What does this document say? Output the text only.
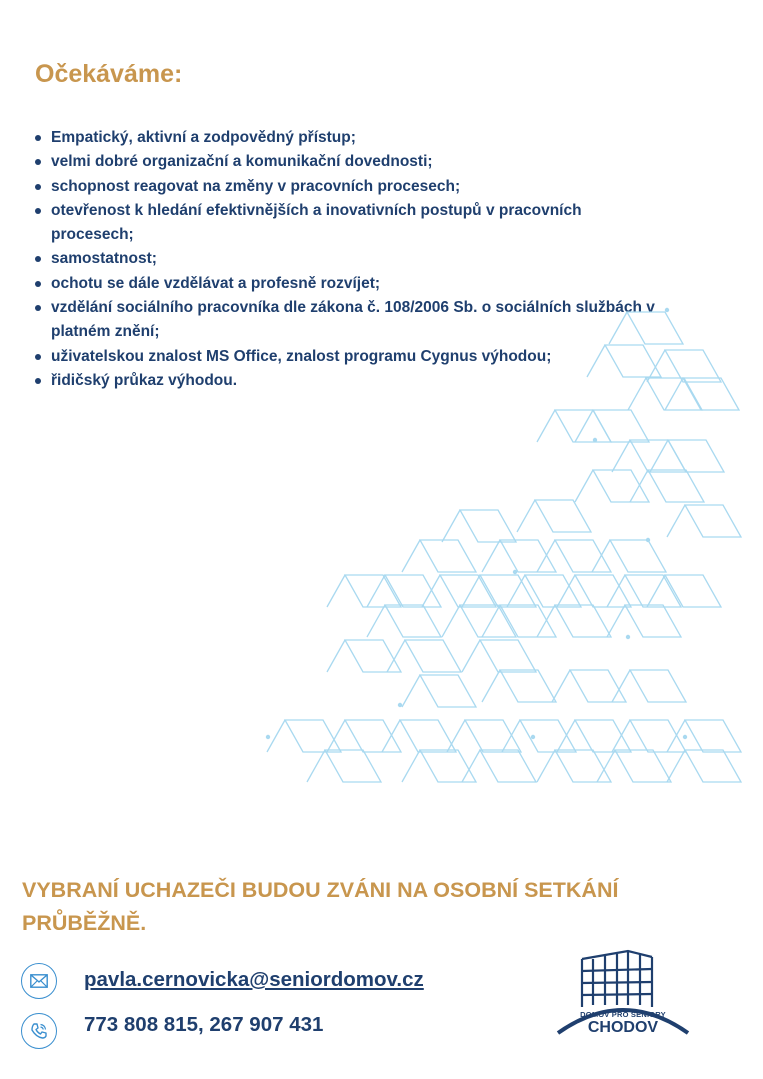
Očekáváme:
Empatický, aktivní a zodpovědný přístup;
velmi dobré organizační a komunikační dovednosti;
schopnost reagovat na změny v pracovních procesech;
otevřenost k hledání efektivnějších a inovativních postupů v pracovních procesech;
samostatnost;
ochotu se dále vzdělávat a profesně rozvíjet;
vzdělání sociálního pracovníka dle zákona č. 108/2006 Sb. o sociálních službách v platném znění;
uživatelskou znalost MS Office, znalost programu Cygnus výhodou;
řidičský průkaz výhodou.
VYBRANÍ UCHAZEČI BUDOU ZVÁNI NA OSOBNÍ SETKÁNÍ PRŮBĚŽNĚ.
pavla.cernovicka@seniordomov.cz
773 808 815, 267 907 431	DOMOV PRO SENIORY
CHODOV
